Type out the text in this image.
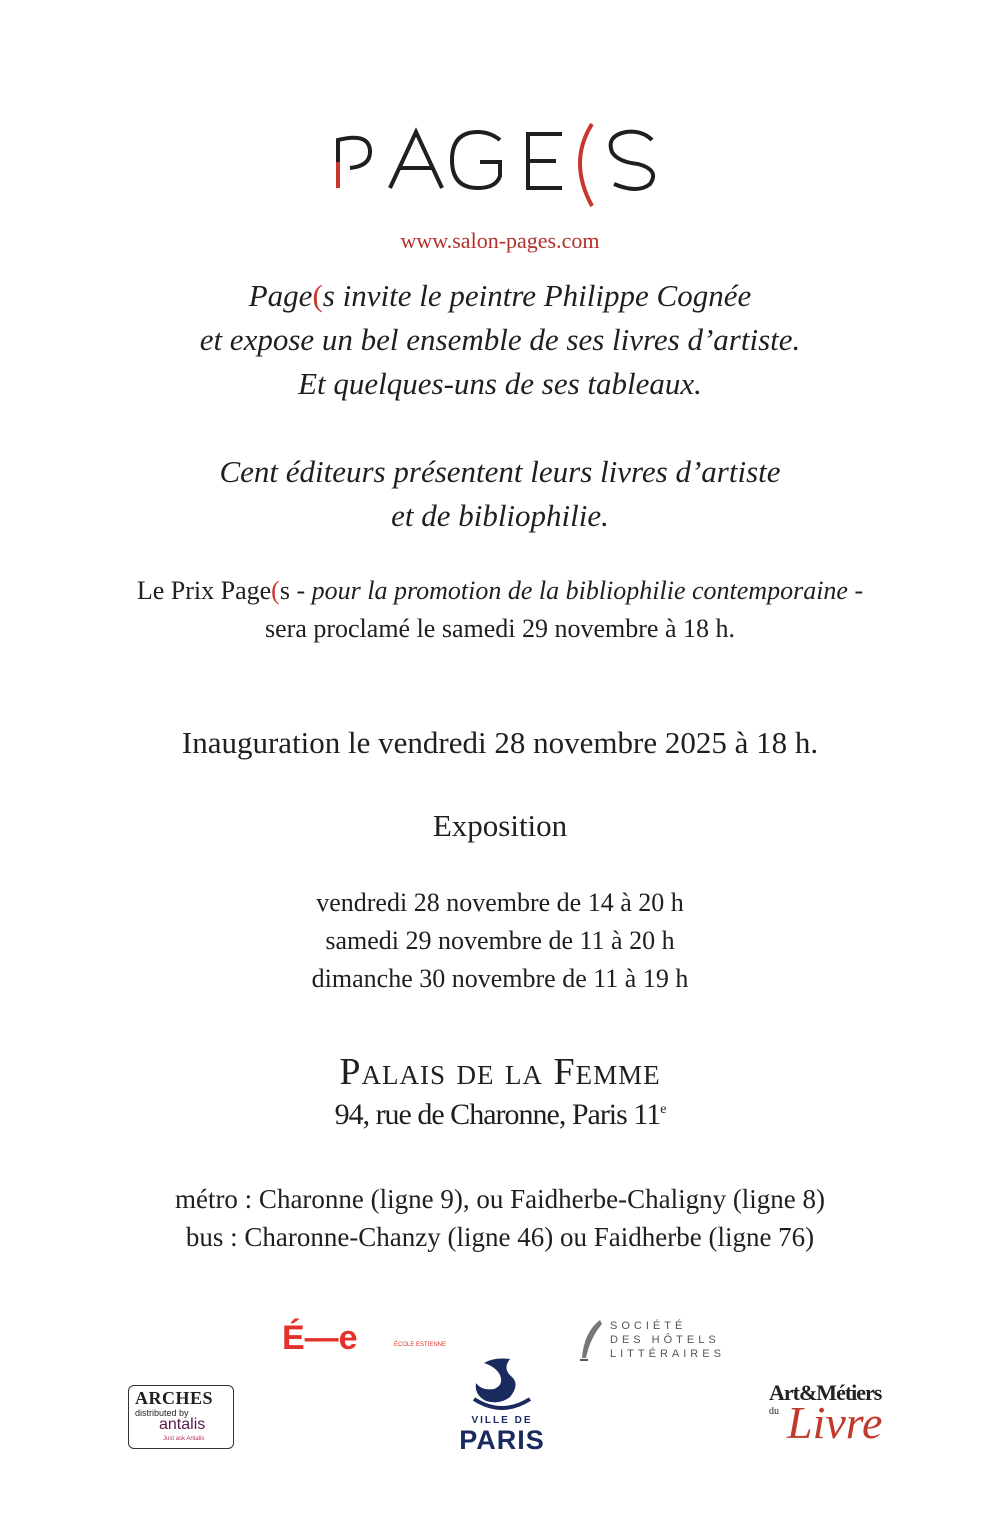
www.salon-pages.com
Page(s invite le peintre Philippe Cognée
et expose un bel ensemble de ses livres d’artiste.
Et quelques-uns de ses tableaux.
Cent éditeurs présentent leurs livres d’artiste
et de bibliophilie.
Le Prix Page(s - pour la promotion de la bibliophilie contemporaine -
sera proclamé le samedi 29 novembre à 18 h.
Inauguration le vendredi 28 novembre 2025 à 18 h.
Exposition
vendredi 28 novembre de 14 à 20 h
samedi 29 novembre de 11 à 20 h
dimanche 30 novembre de 11 à 19 h
Palais de la Femme
94, rue de Charonne, Paris 11e
métro : Charonne (ligne 9), ou Faidherbe-Chaligny (ligne 8)
bus : Charonne-Chanzy (ligne 46) ou Faidherbe (ligne 76)
É—e	ÉCOLE ESTIENNE
SOCIÉTÉ
DES HÔTELS
LITTÉRAIRES
ARCHES
distributed by
antalis
Just ask Antalis
VILLE DE
PARIS	Livre
Art&Métiers
du
